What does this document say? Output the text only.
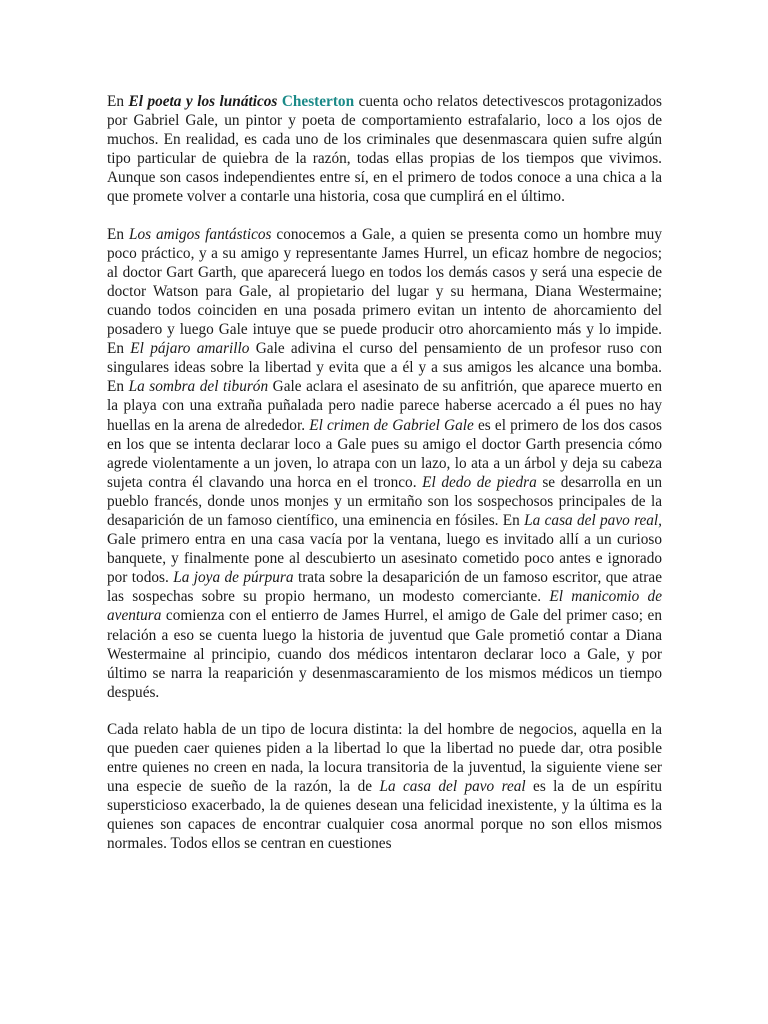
En El poeta y los lunáticos Chesterton cuenta ocho relatos detectivescos protagonizados por Gabriel Gale, un pintor y poeta de comportamiento estrafalario, loco a los ojos de muchos. En realidad, es cada uno de los criminales que desenmascara quien sufre algún tipo particular de quiebra de la razón, todas ellas propias de los tiempos que vivimos. Aunque son casos independientes entre sí, en el primero de todos conoce a una chica a la que promete volver a contarle una historia, cosa que cumplirá en el último.

En Los amigos fantásticos conocemos a Gale, a quien se presenta como un hombre muy poco práctico, y a su amigo y representante James Hurrel, un eficaz hombre de negocios; al doctor Gart Garth, que aparecerá luego en todos los demás casos y será una especie de doctor Watson para Gale, al propietario del lugar y su hermana, Diana Westermaine; cuando todos coinciden en una posada primero evitan un intento de ahorcamiento del posadero y luego Gale intuye que se puede producir otro ahorcamiento más y lo impide. En El pájaro amarillo Gale adivina el curso del pensamiento de un profesor ruso con singulares ideas sobre la libertad y evita que a él y a sus amigos les alcance una bomba. En La sombra del tiburón Gale aclara el asesinato de su anfitrión, que aparece muerto en la playa con una extraña puñalada pero nadie parece haberse acercado a él pues no hay huellas en la arena de alrededor. El crimen de Gabriel Gale es el primero de los dos casos en los que se intenta declarar loco a Gale pues su amigo el doctor Garth presencia cómo agrede violentamente a un joven, lo atrapa con un lazo, lo ata a un árbol y deja su cabeza sujeta contra él clavando una horca en el tronco. El dedo de piedra se desarrolla en un pueblo francés, donde unos monjes y un ermitaño son los sospechosos principales de la desaparición de un famoso científico, una eminencia en fósiles. En La casa del pavo real, Gale primero entra en una casa vacía por la ventana, luego es invitado allí a un curioso banquete, y finalmente pone al descubierto un asesinato cometido poco antes e ignorado por todos. La joya de púrpura trata sobre la desaparición de un famoso escritor, que atrae las sospechas sobre su propio hermano, un modesto comerciante. El manicomio de aventura comienza con el entierro de James Hurrel, el amigo de Gale del primer caso; en relación a eso se cuenta luego la historia de juventud que Gale prometió contar a Diana Westermaine al principio, cuando dos médicos intentaron declarar loco a Gale, y por último se narra la reaparición y desenmascaramiento de los mismos médicos un tiempo después.

Cada relato habla de un tipo de locura distinta: la del hombre de negocios, aquella en la que pueden caer quienes piden a la libertad lo que la libertad no puede dar, otra posible entre quienes no creen en nada, la locura transitoria de la juventud, la siguiente viene ser una especie de sueño de la razón, la de La casa del pavo real es la de un espíritu supersticioso exacerbado, la de quienes desean una felicidad inexistente, y la última es la quienes son capaces de encontrar cualquier cosa anormal porque no son ellos mismos normales. Todos ellos se centran en cuestiones
